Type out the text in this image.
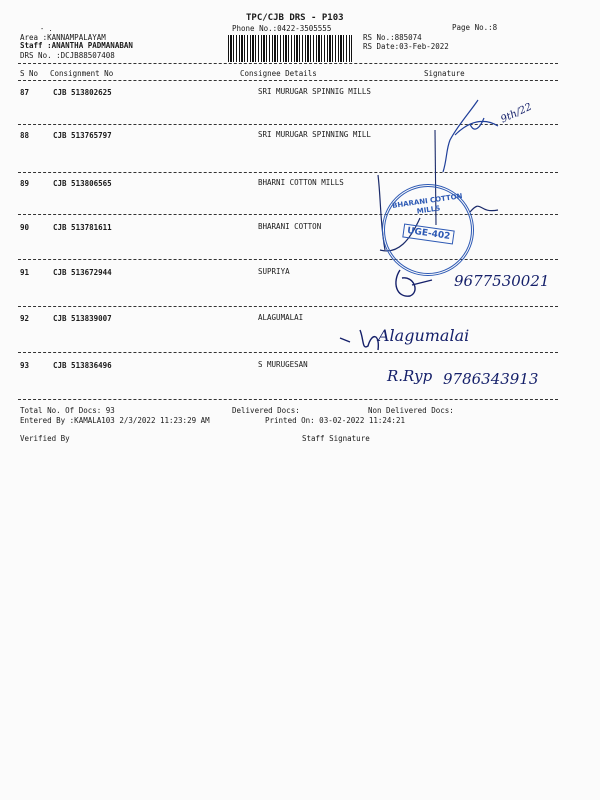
- .
TPC/CJB DRS - P103
Phone No.:0422-3505555	Page No.:8
Area :KANNAMPALAYAM
Staff :ANANTHA PADMANABAN
DRS No. :DCJB88507408
RS No.:885074
RS Date:03-Feb-2022
S No Consignment No	Consignee Details	Signature
87	CJB 513802625	SRI MURUGAR SPINNIG MILLS
88	CJB 513765797	SRI MURUGAR SPINNING MILL
89	CJB 513806565	BHARNI COTTON MILLS
90	CJB 513781611	BHARANI COTTON
91	CJB 513672944	SUPRIYA
92	CJB 513839007	ALAGUMALAI
93	CJB 513836496	S MURUGESAN
Total No. Of Docs: 93	Delivered Docs:	Non Delivered Docs:
Entered By :KAMALA103 2/3/2022 11:23:29 AM	Printed On: 03-02-2022 11:24:21
Verified By	Staff Signature
BHARANI COTTON MILLS
UGE-402
9th/22
9677530021
Alagumalai
R.Ryp 9786343913
